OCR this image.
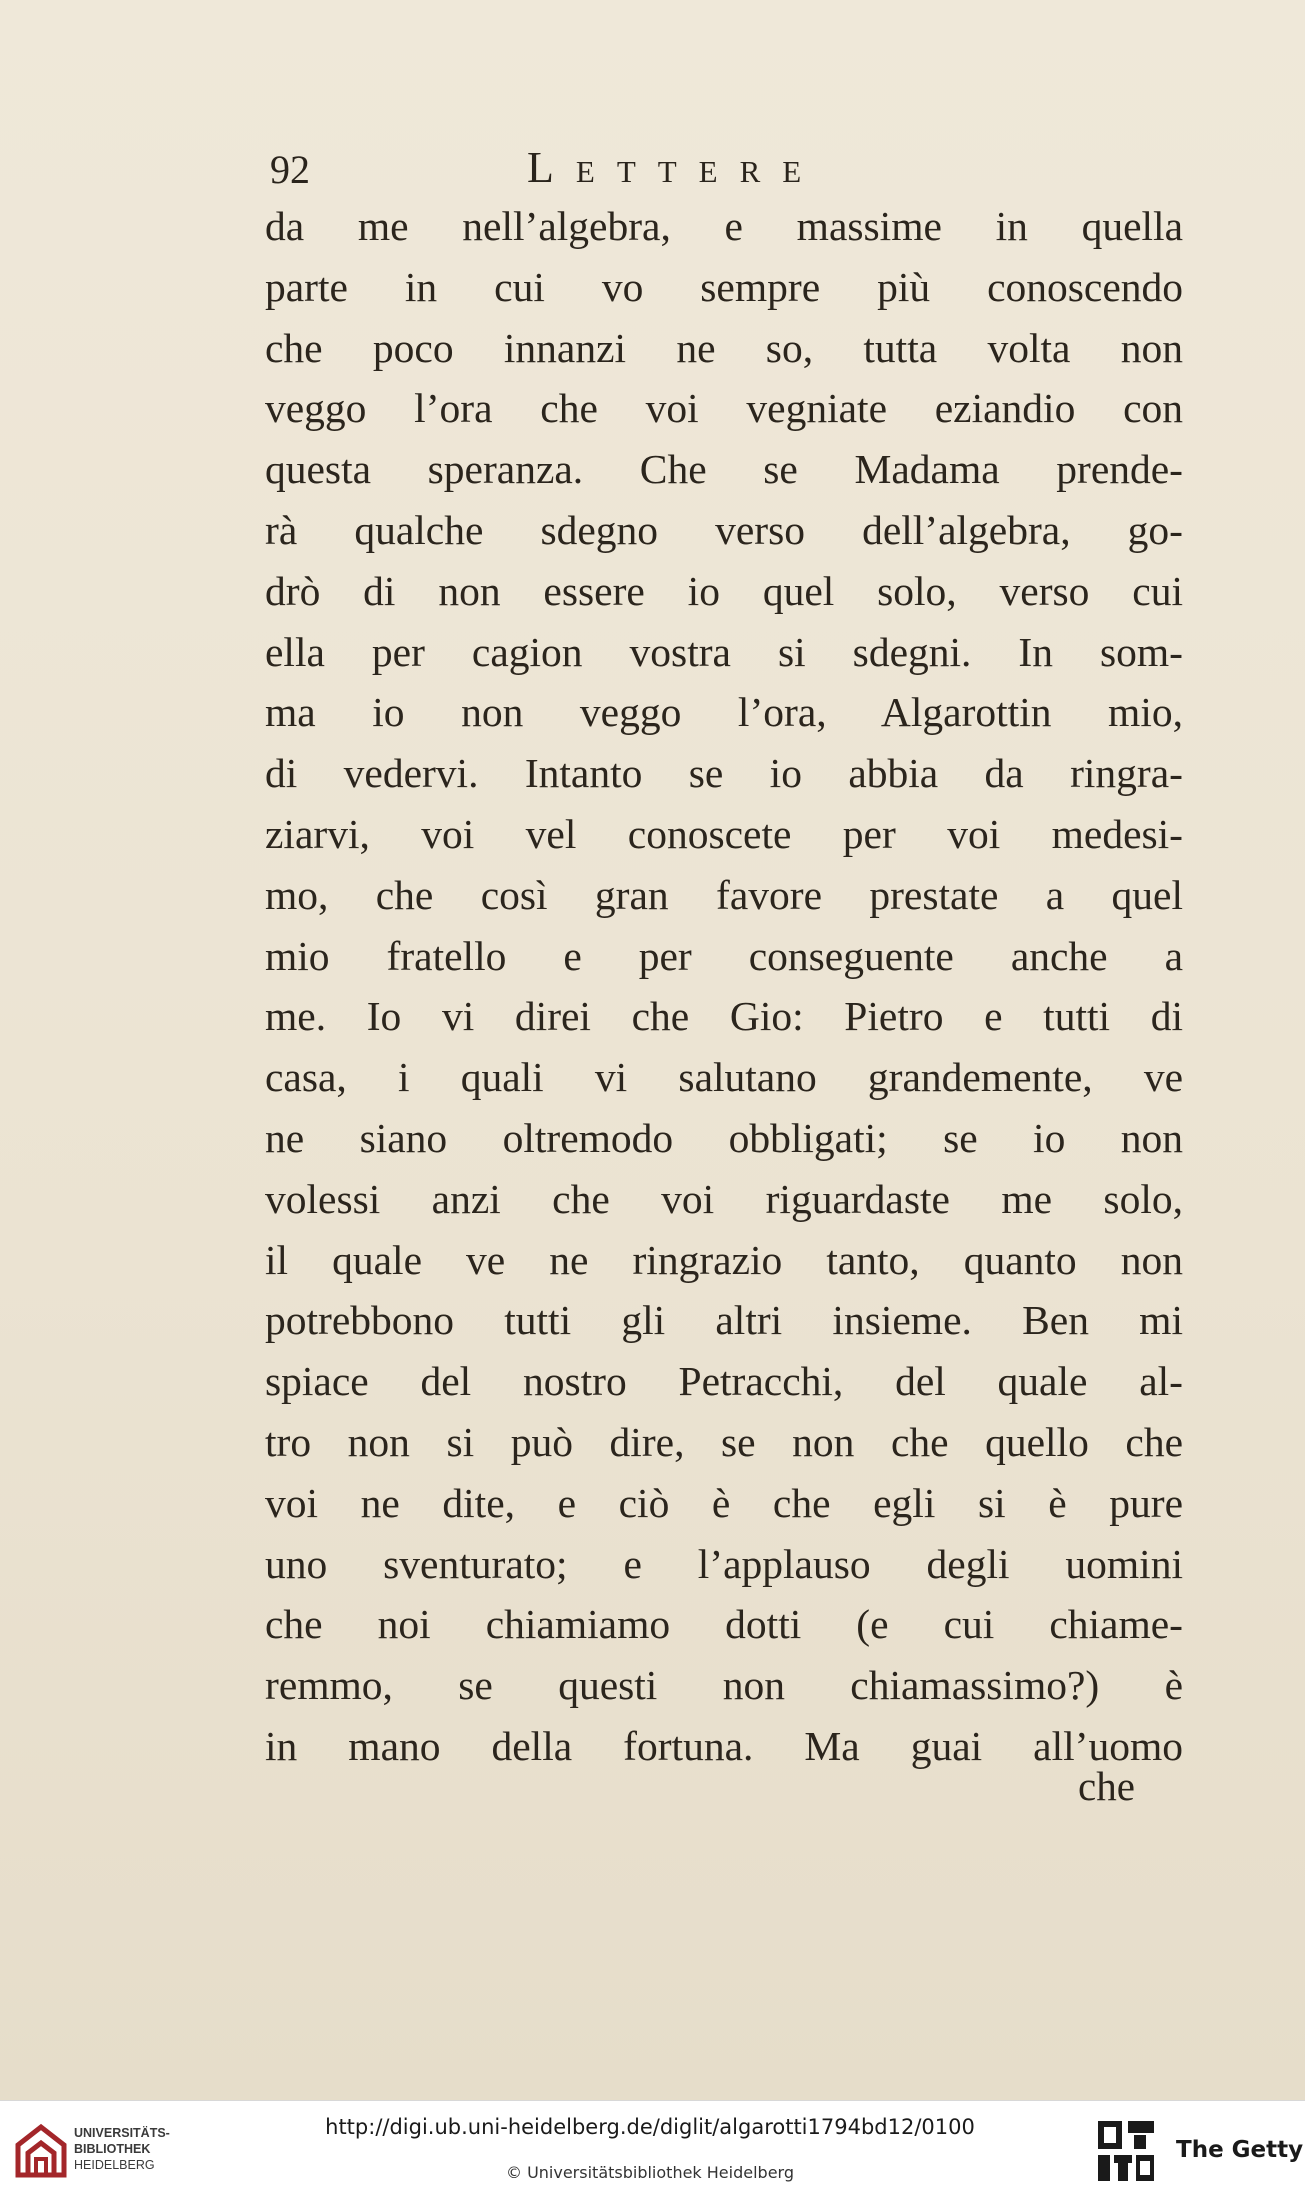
92	Lettere
da me nell’algebra, e massime in quella
parte in cui vo sempre più conoscendo
che poco innanzi ne so, tutta volta non
veggo l’ora che voi vegniate eziandio con
questa speranza. Che se Madama prende-
rà qualche sdegno verso dell’algebra, go-
drò di non essere io quel solo, verso cui
ella per cagion vostra si sdegni. In som-
ma io non veggo l’ora, Algarottin mio,
di vedervi. Intanto se io abbia da ringra-
ziarvi, voi vel conoscete per voi medesi-
mo, che così gran favore prestate a quel
mio fratello e per conseguente anche a
me. Io vi direi che Gio: Pietro e tutti di
casa, i quali vi salutano grandemente, ve
ne siano oltremodo obbligati; se io non
volessi anzi che voi riguardaste me solo,
il quale ve ne ringrazio tanto, quanto non
potrebbono tutti gli altri insieme. Ben mi
spiace del nostro Petracchi, del quale al-
tro non si può dire, se non che quello che
voi ne dite, e ciò è che egli si è pure
uno sventurato; e l’applauso degli uomini
che noi chiamiamo dotti (e cui chiame-
remmo, se questi non chiamassimo?) è
in mano della fortuna. Ma guai all’uomo
che
UNIVERSITÄTS-
BIBLIOTHEK
HEIDELBERG
http://digi.ub.uni-heidelberg.de/diglit/algarotti1794bd12/0100
© Universitätsbibliothek Heidelberg
The Getty
